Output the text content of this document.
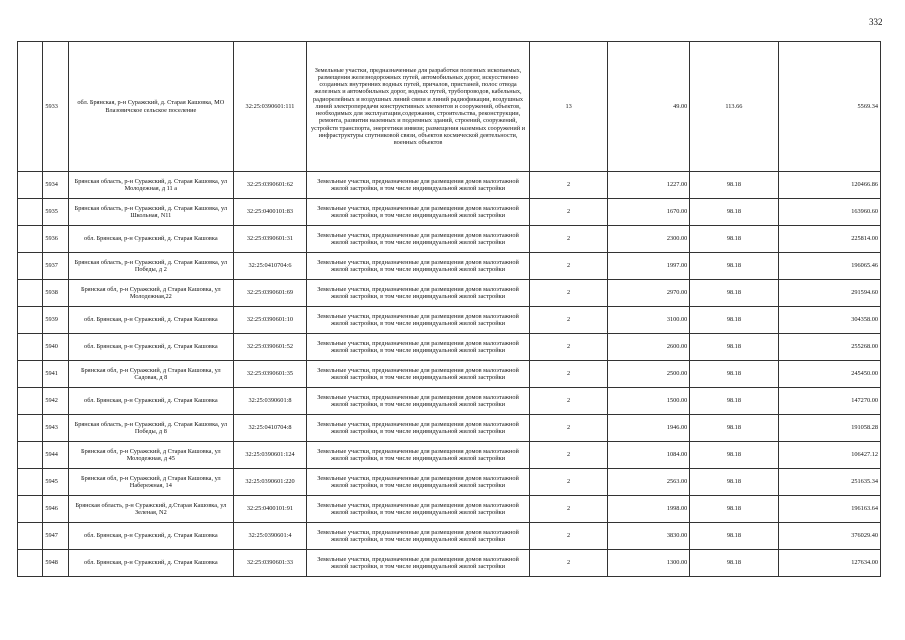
332
	5933	обл. Брянская, р-н Суражский, д. Старая Кашовка, МО Влазовичское сельское поселение	32:25:0390601:111	Земельные участки, предназначенные для разработки полезных ископаемых, размещения железнодорожных путей, автомобильных дорог, искусственно созданных внутренних водных путей, причалов, пристаней, полос отвода железных и автомобильных дорог, водных путей, трубопроводов, кабельных, радиорелейных и воздушных линий связи и линий радиофикации, воздушных линий электропередачи конструктивных элементов и сооружений, объектов, необходимых для эксплуатации,содержания, строительства, реконструкции, ремонта, развития наземных и подземных зданий, строений, сооружений, устройств транспорта, энергетики инвязи; размещения наземных сооружений и инфраструктуры спутниковой связи, объектов космической деятельности, военных объектов	13	49.00	113.66	5569.34
	5934	Брянская область, р-н Суражский, д. Старая Кашовка, ул Молодежная, д 11 а	32:25:0390601:62	Земельные участки, предназначенные для размещения домов малоэтажной жилой застройки, в том числе индивидуальной жилой застройки	2	1227.00	98.18	120466.86
	5935	Брянская область, р-н Суражский, д. Старая Кашовка, ул Школьная, N11	32:25:0400101:83	Земельные участки, предназначенные для размещения домов малоэтажной жилой застройки, в том числе индивидуальной жилой застройки	2	1670.00	98.18	163960.60
	5936	обл. Брянская, р-н Суражский, д. Старая Кашовка	32:25:0390601:31	Земельные участки, предназначенные для размещения домов малоэтажной жилой застройки, в том числе индивидуальной жилой застройки	2	2300.00	98.18	225814.00
	5937	Брянская область, р-н Суражский, д. Старая Кашовка, ул Победы, д 2	32:25:0410704:6	Земельные участки, предназначенные для размещения домов малоэтажной жилой застройки, в том числе индивидуальной жилой застройки	2	1997.00	98.18	196065.46
	5938	Брянская обл, р-н Суражский, д Старая Кашовка, ул Молодежная,22	32:25:0390601:69	Земельные участки, предназначенные для размещения домов малоэтажной жилой застройки, в том числе индивидуальной жилой застройки	2	2970.00	98.18	291594.60
	5939	обл. Брянская, р-н Суражский, д. Старая Кашовка	32:25:0390601:10	Земельные участки, предназначенные для размещения домов малоэтажной жилой застройки, в том числе индивидуальной жилой застройки	2	3100.00	98.18	304358.00
	5940	обл. Брянская, р-н Суражский, д. Старая Кашовка	32:25:0390601:52	Земельные участки, предназначенные для размещения домов малоэтажной жилой застройки, в том числе индивидуальной жилой застройки	2	2600.00	98.18	255268.00
	5941	Брянская обл, р-н Суражский, д Старая Кашовка, ул Садовая, д 8	32:25:0390601:35	Земельные участки, предназначенные для размещения домов малоэтажной жилой застройки, в том числе индивидуальной жилой застройки	2	2500.00	98.18	245450.00
	5942	обл. Брянская, р-н Суражский, д. Старая Кашовка	32:25:0390601:8	Земельные участки, предназначенные для размещения домов малоэтажной жилой застройки, в том числе индивидуальной жилой застройки	2	1500.00	98.18	147270.00
	5943	Брянская область, р-н Суражский, д. Старая Кашовка, ул Победы, д 8	32:25:0410704:8	Земельные участки, предназначенные для размещения домов малоэтажной жилой застройки, в том числе индивидуальной жилой застройки	2	1946.00	98.18	191058.28
	5944	Брянская обл, р-н Суражский, д Старая Кашовка, ул Молодежная, д 45	32:25:0390601:124	Земельные участки, предназначенные для размещения домов малоэтажной жилой застройки, в том числе индивидуальной жилой застройки	2	1084.00	98.18	106427.12
	5945	Брянская обл, р-н Суражский, д Старая Кашовка, ул Набережная, 14	32:25:0390601:220	Земельные участки, предназначенные для размещения домов малоэтажной жилой застройки, в том числе индивидуальной жилой застройки	2	2563.00	98.18	251635.34
	5946	Брянская область, р-н Суражский, д.Старая Кашовка, ул Зеленая, N2	32:25:0400101:91	Земельные участки, предназначенные для размещения домов малоэтажной жилой застройки, в том числе индивидуальной жилой застройки	2	1998.00	98.18	196163.64
	5947	обл. Брянская, р-н Суражский, д. Старая Кашовка	32:25:0390601:4	Земельные участки, предназначенные для размещения домов малоэтажной жилой застройки, в том числе индивидуальной жилой застройки	2	3830.00	98.18	376029.40
	5948	обл. Брянская, р-н Суражский, д. Старая Кашовка	32:25:0390601:33	Земельные участки, предназначенные для размещения домов малоэтажной жилой застройки, в том числе индивидуальной жилой застройки	2	1300.00	98.18	127634.00
